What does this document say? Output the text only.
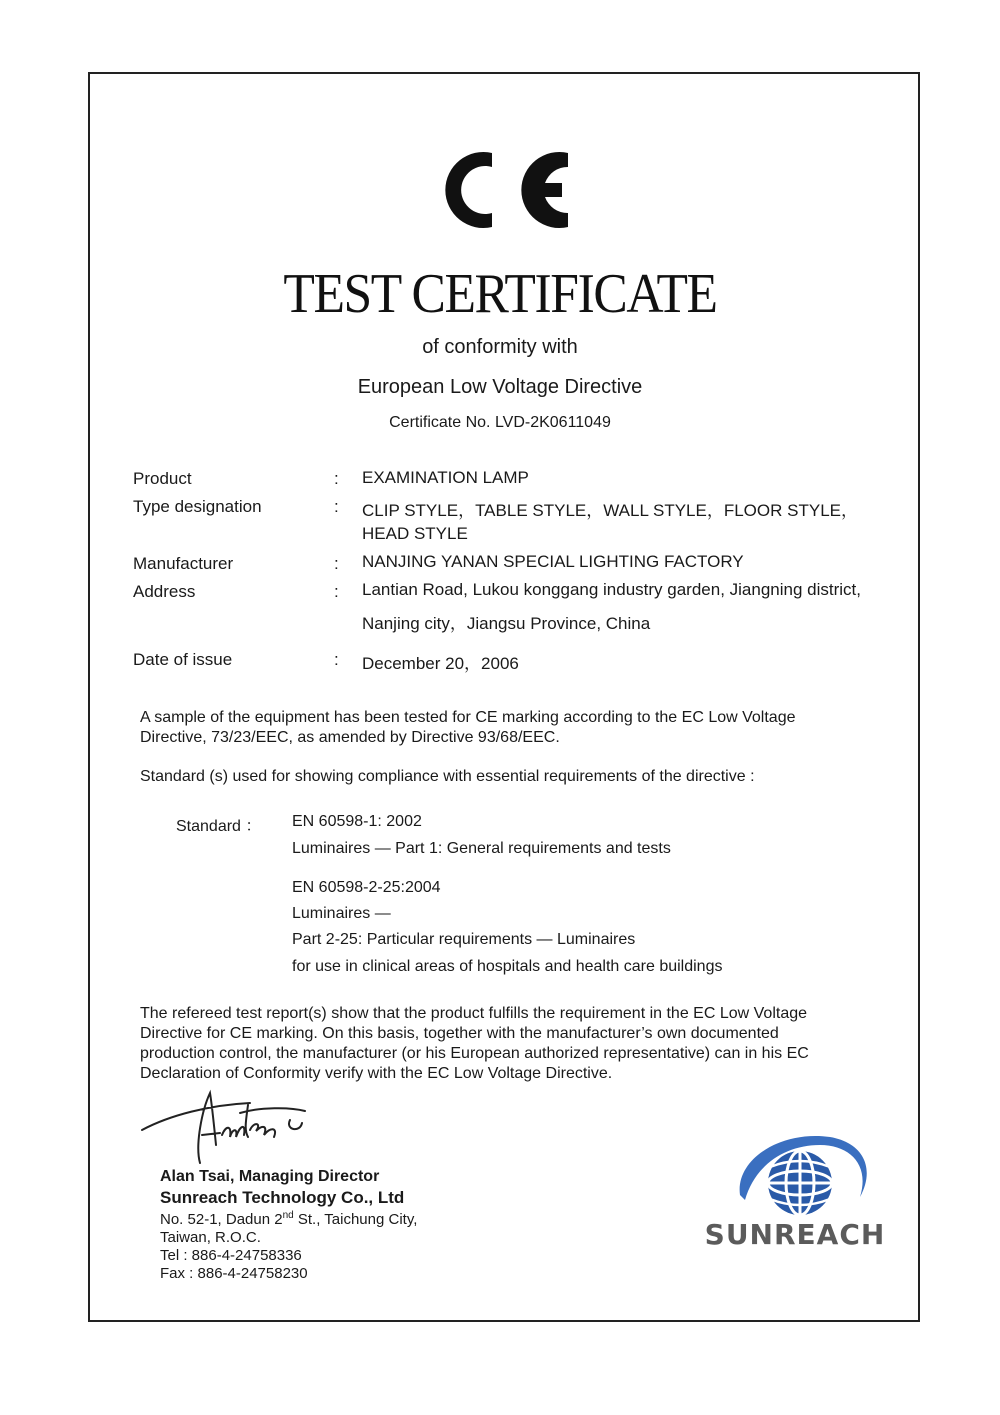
TEST CERTIFICATE
of conformity with
European Low Voltage Directive
Certificate No. LVD-2K0611049
Product	: EXAMINATION LAMP
Type designation	: CLIP STYLE，TABLE STYLE，WALL STYLE，FLOOR STYLE，
HEAD STYLE
Manufacturer	: NANJING YANAN SPECIAL LIGHTING FACTORY
Address	: Lantian Road, Lukou konggang industry garden, Jiangning district,
Nanjing city，Jiangsu Province, China
Date of issue	: December 20，2006
A sample of the equipment has been tested for CE marking according to the EC Low Voltage
Directive, 73/23/EEC, as amended by Directive 93/68/EEC.
Standard (s) used for showing compliance with essential requirements of the directive :
Standard ： EN 60598-1: 2002
Luminaires — Part 1: General requirements and tests
EN 60598-2-25:2004
Luminaires —
Part 2-25: Particular requirements — Luminaires
for use in clinical areas of hospitals and health care buildings
The refereed test report(s) show that the product fulfills the requirement in the EC Low Voltage
Directive for CE marking. On this basis, together with the manufacturer’s own documented
production control, the manufacturer (or his European authorized representative) can in his EC
Declaration of Conformity verify with the EC Low Voltage Directive.
Alan Tsai, Managing Director
Sunreach Technology Co., Ltd
No. 52-1, Dadun 2nd St., Taichung City,
Taiwan, R.O.C.
Tel : 886-4-24758336
Fax : 886-4-24758230
SUNREACH
